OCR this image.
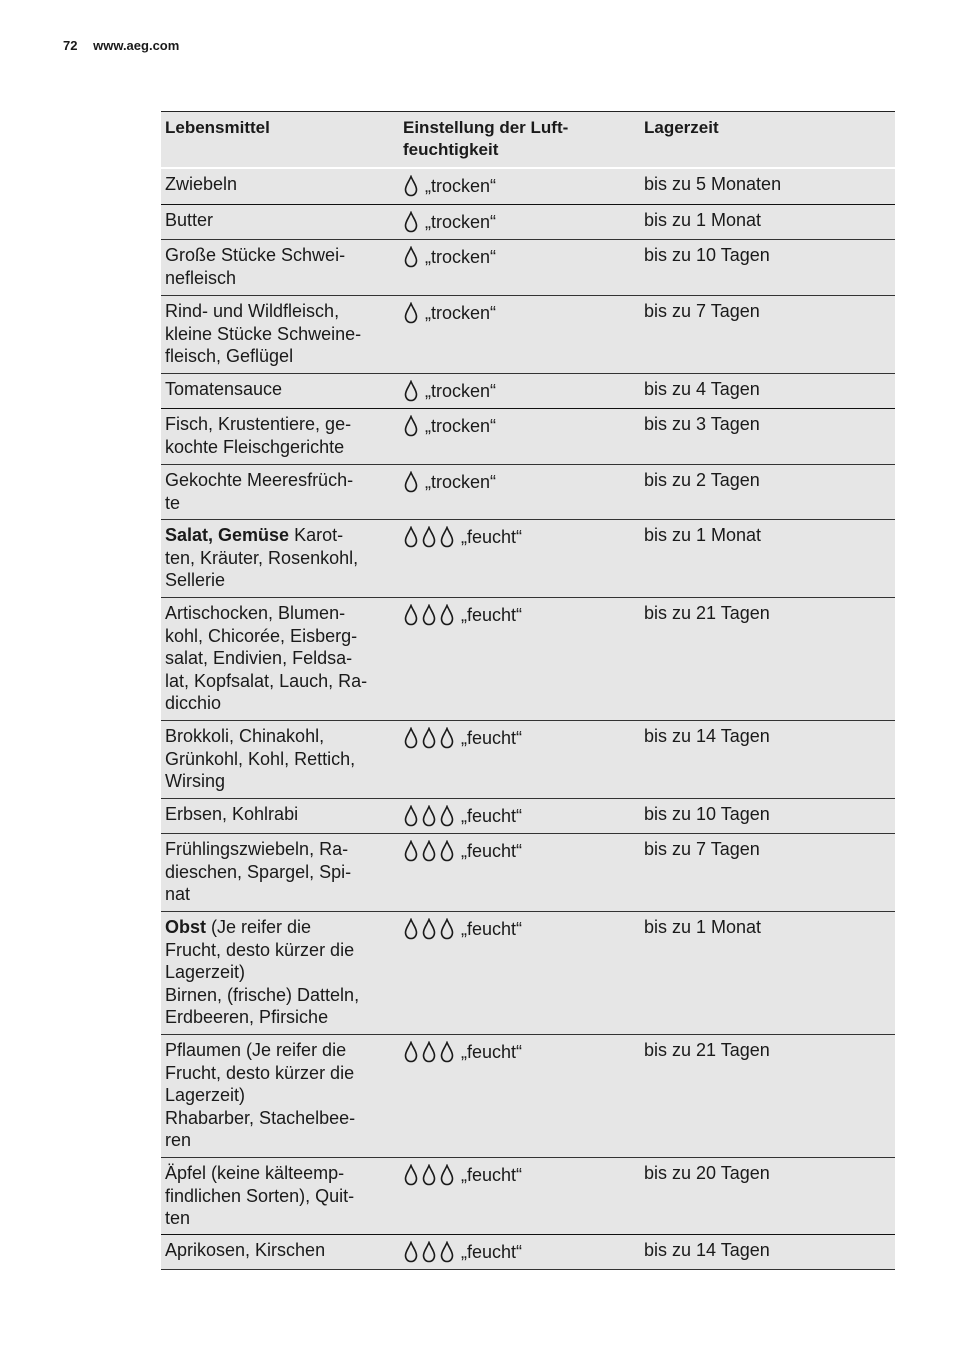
72 www.aeg.com
Lebensmittel	Einstellung der Luft-
feuchtigkeit
Lagerzeit
Zwiebeln	„trocken“	bis zu 5 Monaten
Butter	„trocken“	bis zu 1 Monat
Große Stücke Schwei-
nefleisch
„trocken“	bis zu 10 Tagen
Rind- und Wildfleisch,
kleine Stücke Schweine-
fleisch, Geflügel
„trocken“	bis zu 7 Tagen
Tomatensauce	„trocken“	bis zu 4 Tagen
Fisch, Krustentiere, ge-
kochte Fleischgerichte
„trocken“	bis zu 3 Tagen
Gekochte Meeresfrüch-
te
„trocken“	bis zu 2 Tagen
Salat, Gemüse Karot-
ten, Kräuter, Rosenkohl,
Sellerie
„feucht“	bis zu 1 Monat
Artischocken, Blumen-
kohl, Chicorée, Eisberg-
salat, Endivien, Feldsa-
lat, Kopfsalat, Lauch, Ra-
dicchio
„feucht“	bis zu 21 Tagen
Brokkoli, Chinakohl,
Grünkohl, Kohl, Rettich,
Wirsing
„feucht“	bis zu 14 Tagen
Erbsen, Kohlrabi	„feucht“	bis zu 10 Tagen
Frühlingszwiebeln, Ra-
dieschen, Spargel, Spi-
nat
„feucht“	bis zu 7 Tagen
Obst (Je reifer die
Frucht, desto kürzer die
Lagerzeit)
Birnen, (frische) Datteln,
Erdbeeren, Pfirsiche
„feucht“	bis zu 1 Monat
Pflaumen (Je reifer die
Frucht, desto kürzer die
Lagerzeit)
Rhabarber, Stachelbee-
ren
„feucht“	bis zu 21 Tagen
Äpfel (keine kälteemp-
findlichen Sorten), Quit-
ten
„feucht“	bis zu 20 Tagen
Aprikosen, Kirschen	„feucht“	bis zu 14 Tagen
